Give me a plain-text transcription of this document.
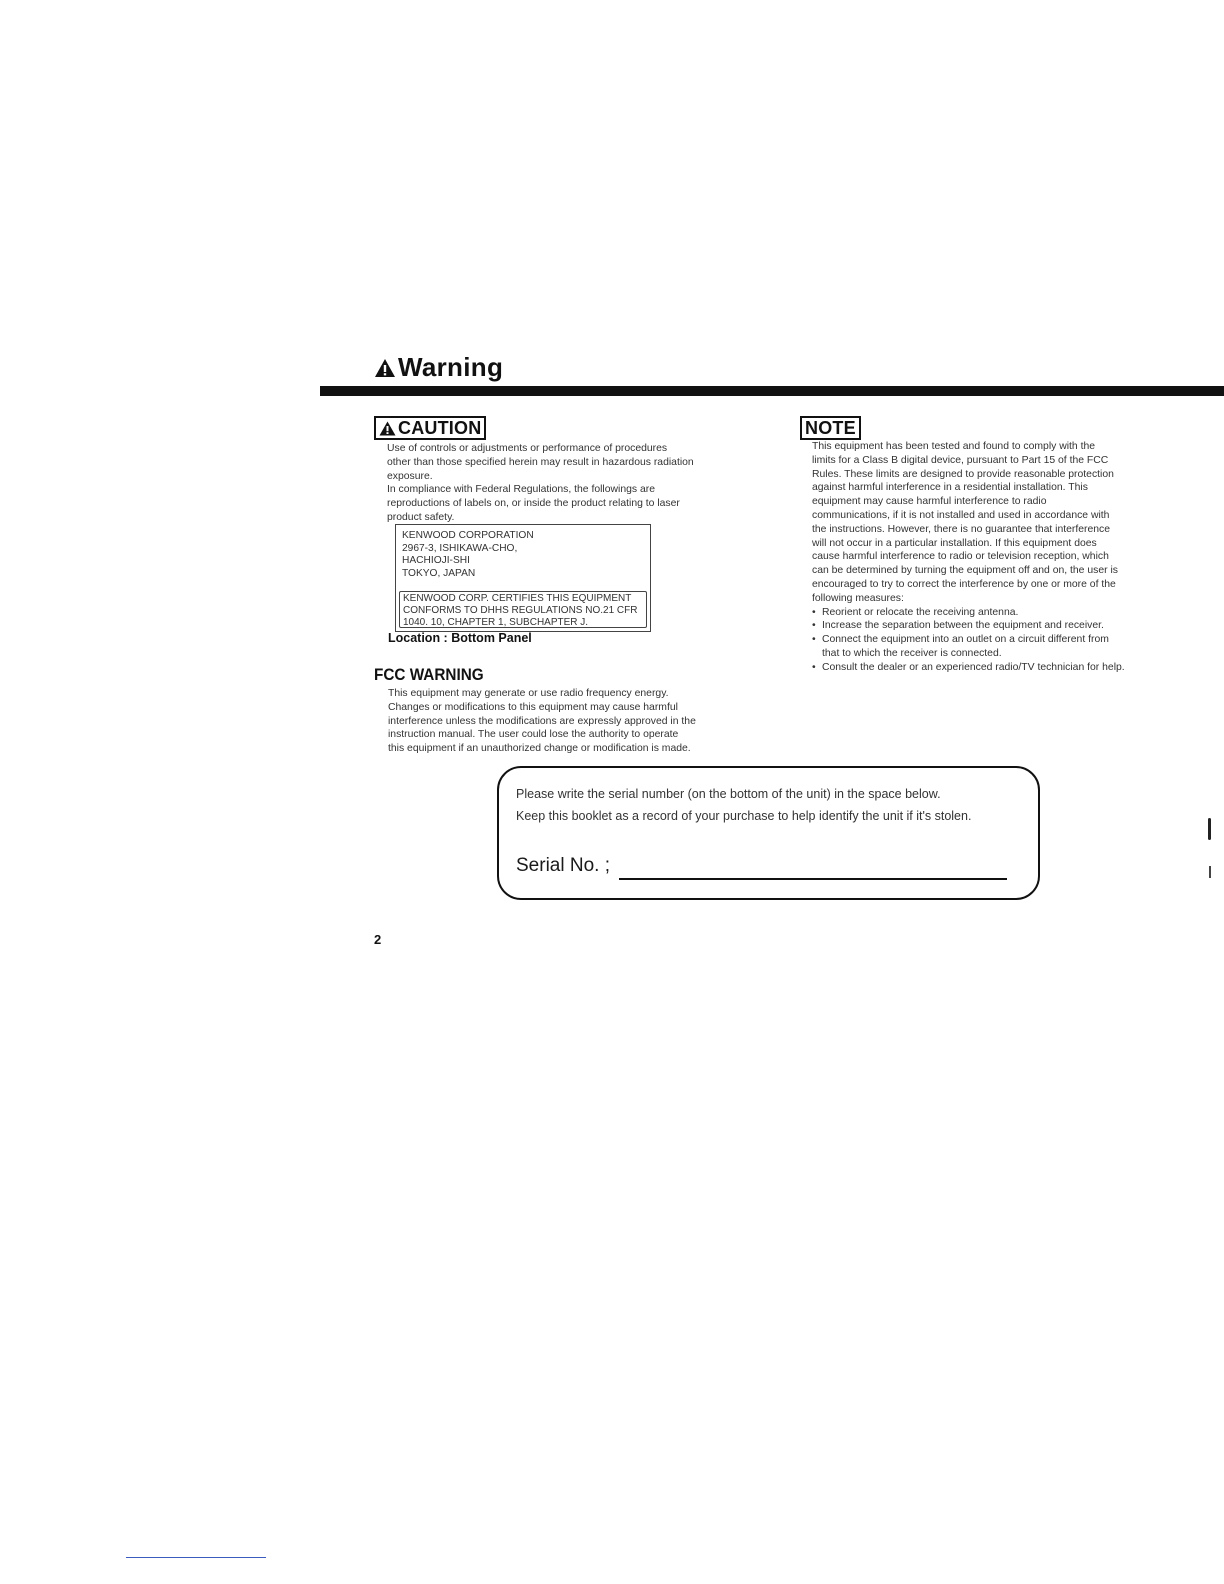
Warning
CAUTION
Use of controls or adjustments or performance of procedures
other than those specified herein may result in hazardous radiation
exposure.
In compliance with Federal Regulations, the followings are
reproductions of labels on, or inside the product relating to laser
product safety.
KENWOOD CORPORATION
2967-3, ISHIKAWA-CHO,
HACHIOJI-SHI
TOKYO, JAPAN
KENWOOD CORP. CERTIFIES THIS EQUIPMENT
CONFORMS TO DHHS REGULATIONS NO.21 CFR
1040. 10, CHAPTER 1, SUBCHAPTER J.
Location : Bottom Panel
FCC WARNING
This equipment may generate or use radio frequency energy.
Changes or modifications to this equipment may cause harmful
interference unless the modifications are expressly approved in the
instruction manual. The user could lose the authority to operate
this equipment if an unauthorized change or modification is made.
NOTE
This equipment has been tested and found to comply with the
limits for a Class B digital device, pursuant to Part 15 of the FCC
Rules. These limits are designed to provide reasonable protection
against harmful interference in a residential installation. This
equipment may cause harmful interference to radio
communications, if it is not installed and used in accordance with
the instructions. However, there is no guarantee that interference
will not occur in a particular installation. If this equipment does
cause harmful interference to radio or television reception, which
can be determined by turning the equipment off and on, the user is
encouraged to try to correct the interference by one or more of the
following measures:
• Reorient or relocate the receiving antenna.
• Increase the separation between the equipment and receiver.
• Connect the equipment into an outlet on a circuit different from
that to which the receiver is connected.
• Consult the dealer or an experienced radio/TV technician for help.
Please write the serial number (on the bottom of the unit) in the space below.
Keep this booklet as a record of your purchase to help identify the unit if it's stolen.
Serial No. ;
2
